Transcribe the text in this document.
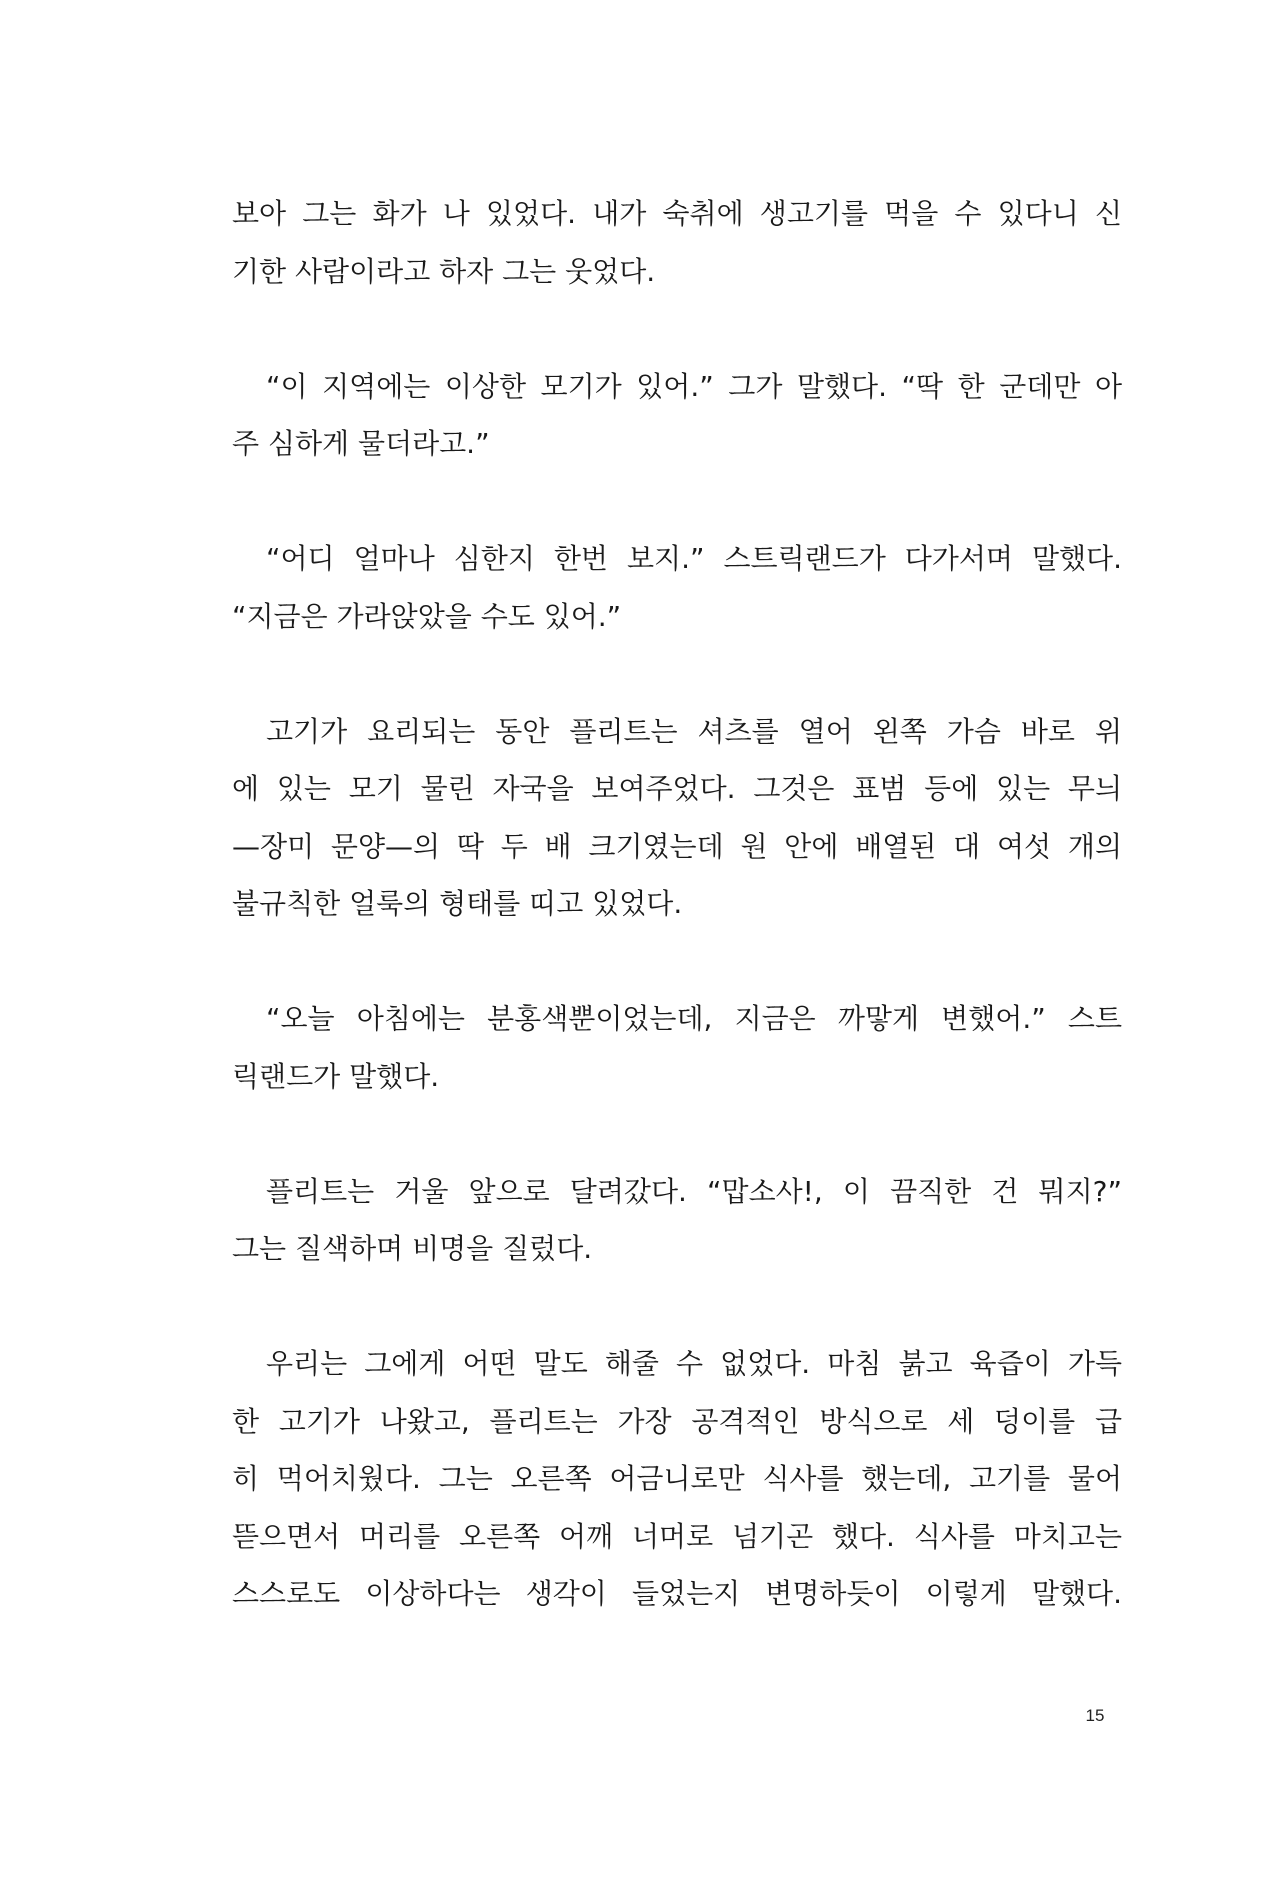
보아 그는 화가 나 있었다. 내가 숙취에 생고기를 먹을 수 있다니 신
기한 사람이라고 하자 그는 웃었다.
“이 지역에는 이상한 모기가 있어.” 그가 말했다. “딱 한 군데만 아
주 심하게 물더라고.”
“어디 얼마나 심한지 한번 보지.” 스트릭랜드가 다가서며 말했다.
“지금은 가라앉았을 수도 있어.”
고기가 요리되는 동안 플리트는 셔츠를 열어 왼쪽 가슴 바로 위
에 있는 모기 물린 자국을 보여주었다. 그것은 표범 등에 있는 무늬
—장미 문양—의 딱 두 배 크기였는데 원 안에 배열된 대 여섯 개의
불규칙한 얼룩의 형태를 띠고 있었다.
“오늘 아침에는 분홍색뿐이었는데, 지금은 까맣게 변했어.” 스트
릭랜드가 말했다.
플리트는 거울 앞으로 달려갔다. “맙소사!, 이 끔직한 건 뭐지?”
그는 질색하며 비명을 질렀다.
우리는 그에게 어떤 말도 해줄 수 없었다. 마침 붉고 육즙이 가득
한 고기가 나왔고, 플리트는 가장 공격적인 방식으로 세 덩이를 급
히 먹어치웠다. 그는 오른쪽 어금니로만 식사를 했는데, 고기를 물어
뜯으면서 머리를 오른쪽 어깨 너머로 넘기곤 했다. 식사를 마치고는
스스로도 이상하다는 생각이 들었는지 변명하듯이 이렇게 말했다.
15
